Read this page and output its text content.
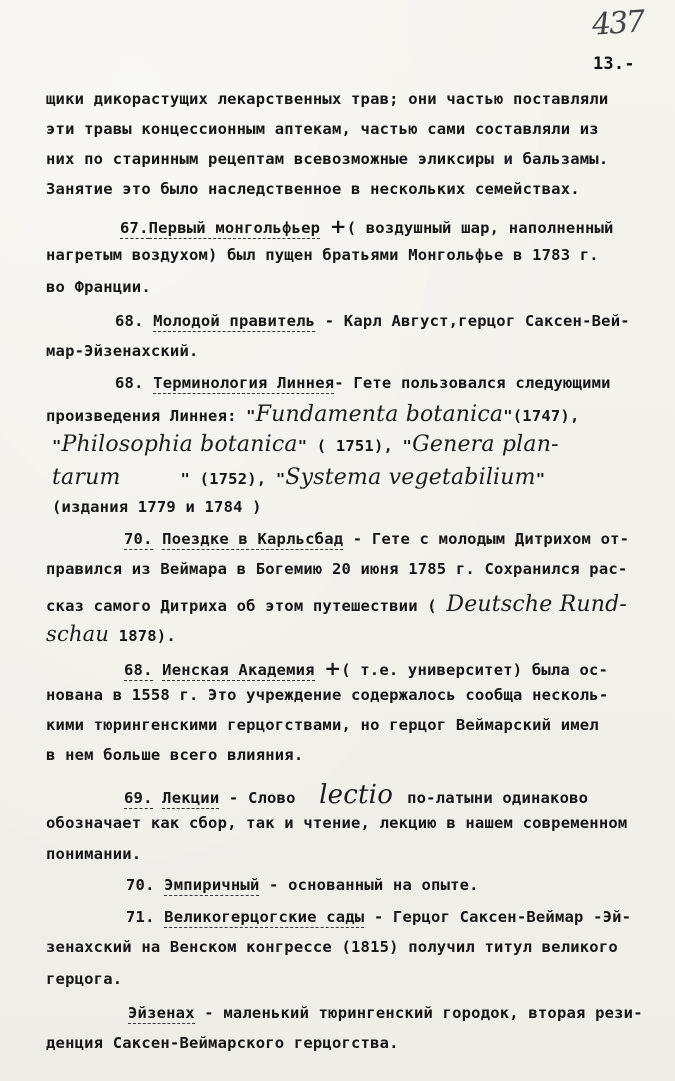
437
13.-
щики дикорастущих лекарственных трав; они частью поставляли
эти травы концессионным аптекам, частью сами составляли из
них по старинным рецептам всевозможные эликсиры и бальзамы.
Занятие это было наследственное в нескольких семействах.
67.Первый монгольфьер +( воздушный шар, наполненный
нагретым воздухом) был пущен братьями Монгольфье в 1783 г.
во Франции.
68. Молодой правитель - Карл Август,герцог Саксен-Вей-
мар-Эйзенахский.
68. Терминология Линнея- Гете пользовался следующими
произведения Линнея: "Fundamenta botanica"(1747),
"Philosophia botanica" ( 1751), "Genera plan-
tarum	" (1752), "Systema vegetabilium"
(издания 1779 и 1784 )
70. Поездке в Карльсбад - Гете с молодым Дитрихом от-
правился из Веймара в Богемию 20 июня 1785 г. Сохранился рас-
сказ самого Дитриха об этом путешествии ( Deutsche Rund-
schau 1878).
68. Иенская Академия +( т.е. университет) была ос-
нована в 1558 г. Это учреждение содержалось сообща несколь-
кими тюрингенскими герцогствами, но герцог Веймарский имел
в нем больше всего влияния.
69. Лекции - Слово lectio по-латыни одинаково
обозначает как сбор, так и чтение, лекцию в нашем современном
понимании.
70. Эмпиричный - основанный на опыте.
71. Великогерцогские сады - Герцог Саксен-Веймар -Эй-
зенахский на Венском конгрессе (1815) получил титул великого
герцога.
Эйзенах - маленький тюрингенский городок, вторая рези-
денция Саксен-Веймарского герцогства.
